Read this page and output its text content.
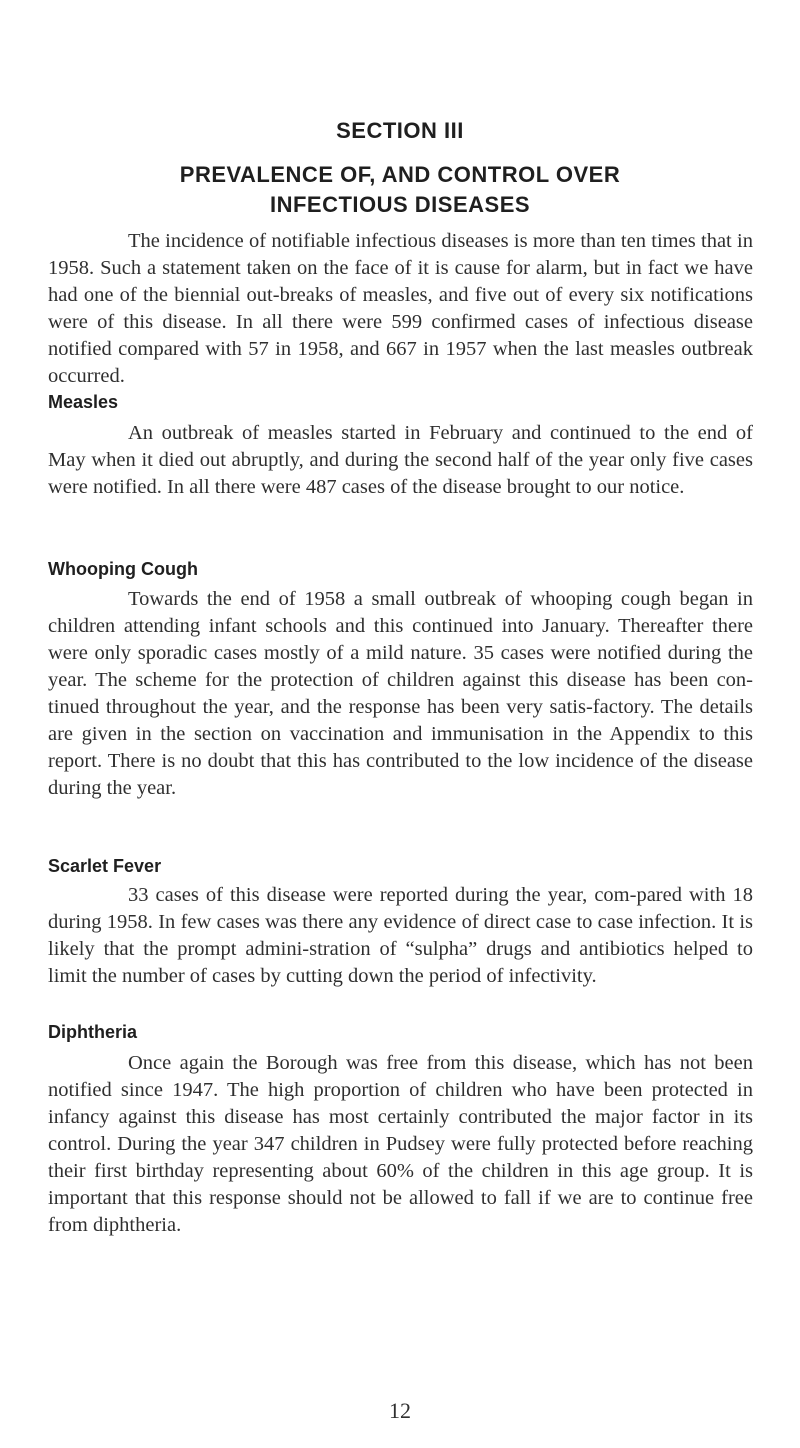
SECTION III
PREVALENCE OF, AND CONTROL OVER
INFECTIOUS DISEASES

The incidence of notifiable infectious diseases is more than ten times that in 1958. Such a statement taken on the face of it is cause for alarm, but in fact we have had one of the biennial out-breaks of measles, and five out of every six notifications were of this disease. In all there were 599 confirmed cases of infectious disease notified compared with 57 in 1958, and 667 in 1957 when the last measles outbreak occurred.

Measles

An outbreak of measles started in February and continued to the end of May when it died out abruptly, and during the second half of the year only five cases were notified. In all there were 487 cases of the disease brought to our notice.

Whooping Cough

Towards the end of 1958 a small outbreak of whooping cough began in children attending infant schools and this continued into January. Thereafter there were only sporadic cases mostly of a mild nature. 35 cases were notified during the year. The scheme for the protection of children against this disease has been con-tinued throughout the year, and the response has been very satis-factory. The details are given in the section on vaccination and immunisation in the Appendix to this report. There is no doubt that this has contributed to the low incidence of the disease during the year.

Scarlet Fever

33 cases of this disease were reported during the year, com-pared with 18 during 1958. In few cases was there any evidence of direct case to case infection. It is likely that the prompt admini-stration of “sulpha” drugs and antibiotics helped to limit the number of cases by cutting down the period of infectivity.

Diphtheria

Once again the Borough was free from this disease, which has not been notified since 1947. The high proportion of children who have been protected in infancy against this disease has most certainly contributed the major factor in its control. During the year 347 children in Pudsey were fully protected before reaching their first birthday representing about 60% of the children in this age group. It is important that this response should not be allowed to fall if we are to continue free from diphtheria.

12
